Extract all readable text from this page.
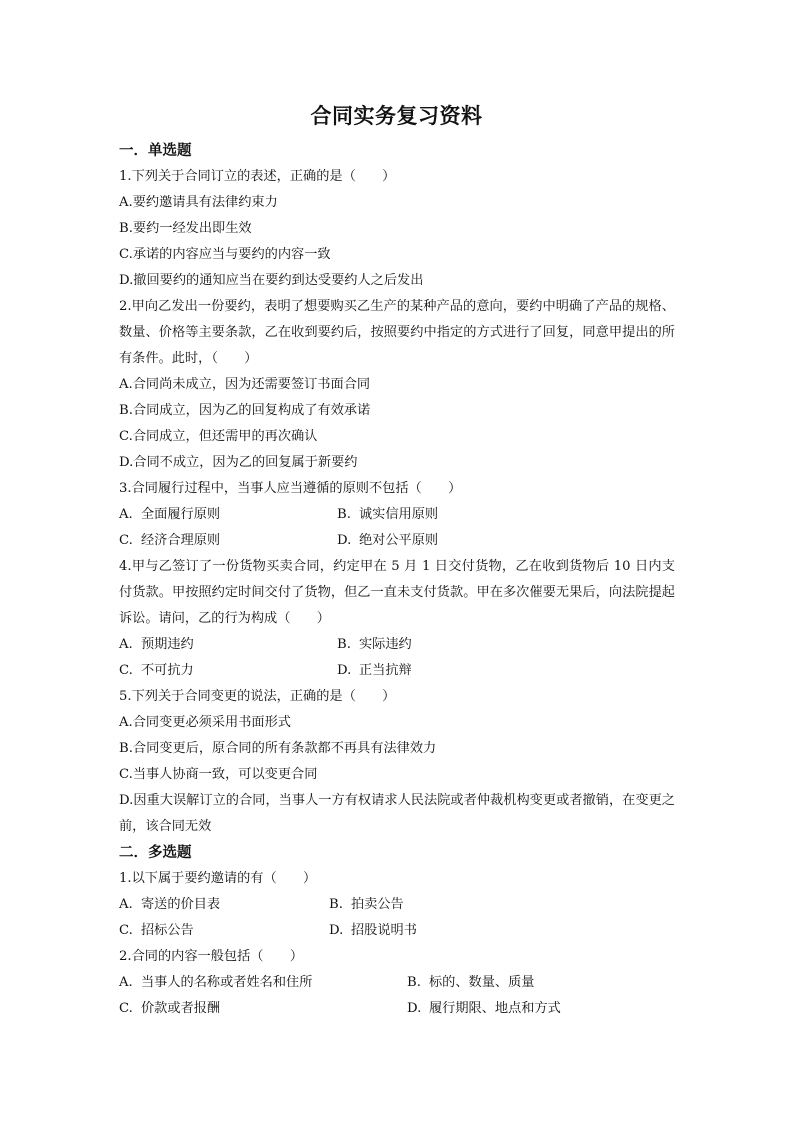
合同实务复习资料
一．单选题
1.下列关于合同订立的表述，正确的是（　　）
A.要约邀请具有法律约束力
B.要约一经发出即生效
C.承诺的内容应当与要约的内容一致
D.撤回要约的通知应当在要约到达受要约人之后发出
2.甲向乙发出一份要约，表明了想要购买乙生产的某种产品的意向，要约中明确了产品的规格、数量、价格等主要条款，乙在收到要约后，按照要约中指定的方式进行了回复，同意甲提出的所有条件。此时，（　　）
A.合同尚未成立，因为还需要签订书面合同
B.合同成立，因为乙的回复构成了有效承诺
C.合同成立，但还需甲的再次确认
D.合同不成立，因为乙的回复属于新要约
3.合同履行过程中，当事人应当遵循的原则不包括（　　）
A. 全面履行原则	B. 诚实信用原则
C. 经济合理原则	D. 绝对公平原则
4.甲与乙签订了一份货物买卖合同，约定甲在 5 月 1 日交付货物，乙在收到货物后 10 日内支付货款。甲按照约定时间交付了货物，但乙一直未支付货款。甲在多次催要无果后，向法院提起诉讼。请问，乙的行为构成（　　）
A. 预期违约	B. 实际违约
C. 不可抗力	D. 正当抗辩
5.下列关于合同变更的说法，正确的是（　　）
A.合同变更必须采用书面形式
B.合同变更后，原合同的所有条款都不再具有法律效力
C.当事人协商一致，可以变更合同
D.因重大误解订立的合同，当事人一方有权请求人民法院或者仲裁机构变更或者撤销，在变更之前，该合同无效
二．多选题
1.以下属于要约邀请的有（　　）
A. 寄送的价目表	B. 拍卖公告
C. 招标公告	D. 招股说明书
2.合同的内容一般包括（　　）
A. 当事人的名称或者姓名和住所	B. 标的、数量、质量
C. 价款或者报酬	D. 履行期限、地点和方式
